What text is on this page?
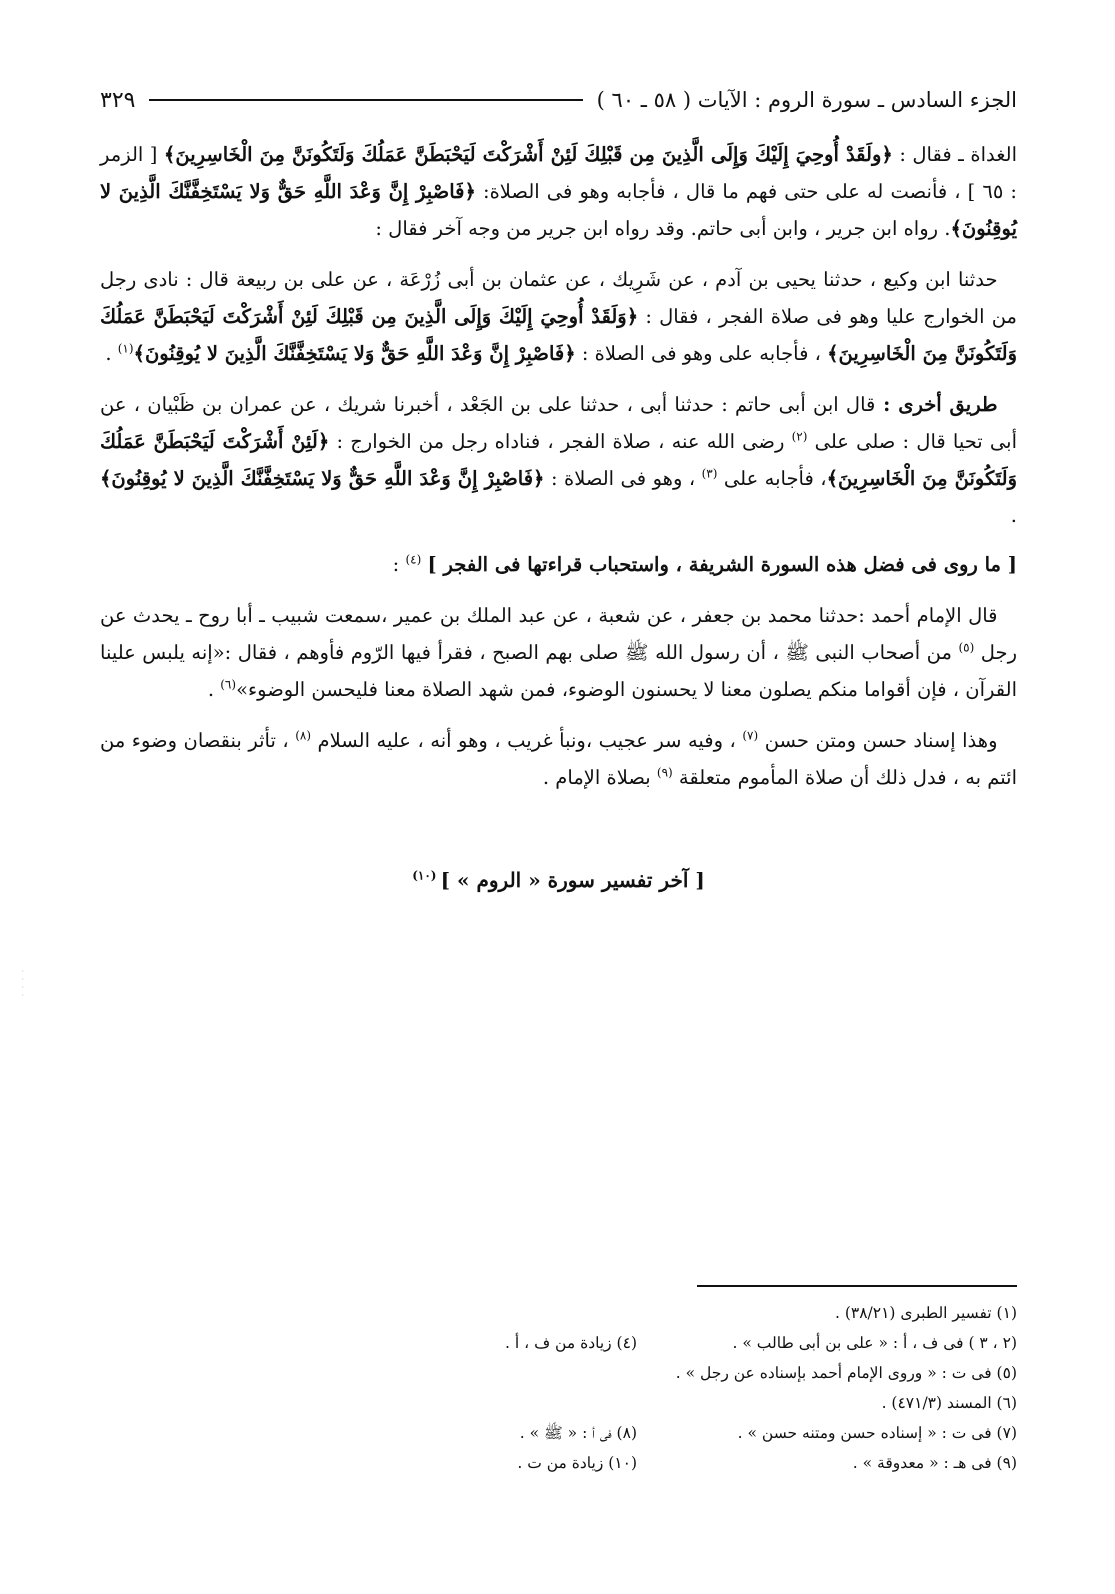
الجزء السادس ـ سورة الروم : الآيات ( ٥٨ ـ ٦٠ )
٣٢٩

الغداة ـ فقال : ﴿ولَقَدْ أُوحِيَ إِلَيْكَ وَإِلَى الَّذِينَ مِن قَبْلِكَ لَئِنْ أَشْرَكْتَ لَيَحْبَطَنَّ عَمَلُكَ وَلَتَكُونَنَّ مِنَ الْخَاسِرِينَ﴾ [ الزمر : ٦٥ ] ، فأنصت له على حتى فهم ما قال ، فأجابه وهو فى الصلاة: ﴿فَاصْبِرْ إِنَّ وَعْدَ اللَّهِ حَقٌّ وَلا يَسْتَخِفَّنَّكَ الَّذِينَ لا يُوقِنُونَ﴾. رواه ابن جرير ، وابن أبى حاتم. وقد رواه ابن جرير من وجه آخر فقال :

 حدثنا ابن وكيع ، حدثنا يحيى بن آدم ، عن شَرِيك ، عن عثمان بن أبى زُرْعَة ، عن على بن ربيعة قال : نادى رجل من الخوارج عليا وهو فى صلاة الفجر ، فقال : ﴿وَلَقَدْ أُوحِيَ إِلَيْكَ وَإِلَى الَّذِينَ مِن قَبْلِكَ لَئِنْ أَشْرَكْتَ لَيَحْبَطَنَّ عَمَلُكَ وَلَتَكُونَنَّ مِنَ الْخَاسِرِينَ﴾ ، فأجابه على وهو فى الصلاة : ﴿فَاصْبِرْ إِنَّ وَعْدَ اللَّهِ حَقٌّ وَلا يَسْتَخِفَّنَّكَ الَّذِينَ لا يُوقِنُونَ﴾$^{(١)}$ .

 طريق أخرى : قال ابن أبى حاتم : حدثنا أبى ، حدثنا على بن الجَعْد ، أخبرنا شريك ، عن عمران بن ظَبْيان ، عن أبى تحيا قال : صلى على $^{(٢)}$ رضى الله عنه ، صلاة الفجر ، فناداه رجل من الخوارج : ﴿لَئِنْ أَشْرَكْتَ لَيَحْبَطَنَّ عَمَلُكَ وَلَتَكُونَنَّ مِنَ الْخَاسِرِينَ﴾، فأجابه على $^{(٣)}$ ، وهو فى الصلاة : ﴿فَاصْبِرْ إِنَّ وَعْدَ اللَّهِ حَقٌّ وَلا يَسْتَخِفَّنَّكَ الَّذِينَ لا يُوقِنُونَ﴾ .

[ ما روى فى فضل هذه السورة الشريفة ، واستحباب قراءتها فى الفجر ] $^{(٤)}$ :

 قال الإمام أحمد :حدثنا محمد بن جعفر ، عن شعبة ، عن عبد الملك بن عمير ،سمعت شبيب ـ أبا روح ـ يحدث عن رجل $^{(٥)}$ من أصحاب النبى ﷺ ، أن رسول الله ﷺ صلى بهم الصبح ، فقرأ فيها الرّوم فأوهم ، فقال :«إنه يلبس علينا القرآن ، فإن أقواما منكم يصلون معنا لا يحسنون الوضوء، فمن شهد الصلاة معنا فليحسن الوضوء»$^{(٦)}$ .

 وهذا إسناد حسن ومتن حسن $^{(٧)}$ ، وفيه سر عجيب ،ونبأ غريب ، وهو أنه ، عليه السلام $^{(٨)}$ ، تأثر بنقصان وضوء من ائتم به ، فدل ذلك أن صلاة المأموم متعلقة $^{(٩)}$ بصلاة الإمام .

[ آخر تفسير سورة « الروم » ] $^{(١٠)}$
· ·
· ·
(١) تفسير الطبرى (٣٨/٢١) .
(٢ ، ٣ ) فى ف ، أ : « على بن أبى طالب » .
(٤) زيادة من ف ، أ .
(٥) فى ت : « وروى الإمام أحمد بإسناده عن رجل » .
(٦) المسند (٤٧١/٣) .
(٧) فى ت : « إسناده حسن ومتنه حسن » .
(٨) فى أ : « ﷺ » .
(٩) فى هـ : « معدوقة » .
(١٠) زيادة من ت .
